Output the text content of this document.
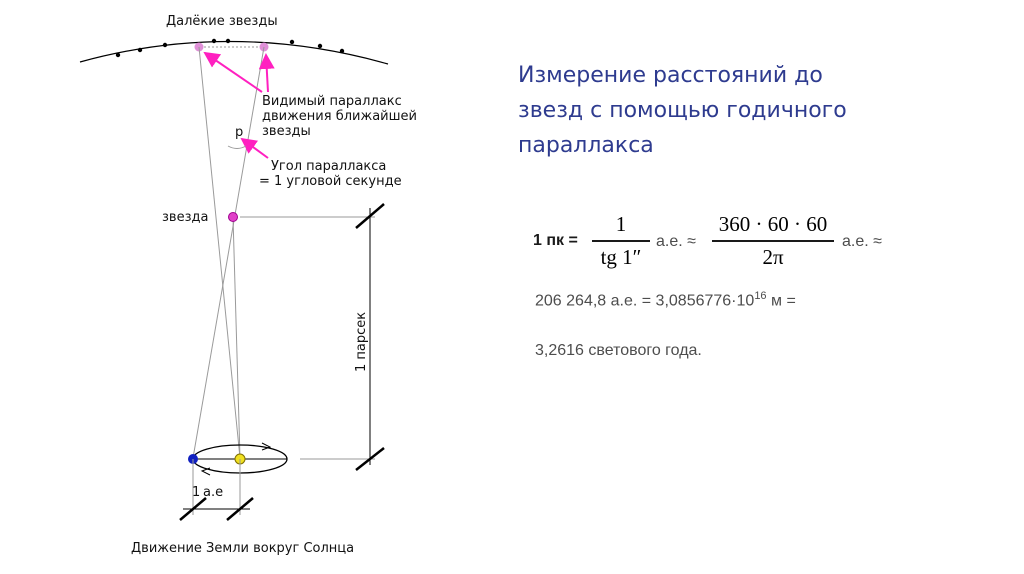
p
Далёкие звезды
Видимый параллакс
движения ближайшей
звезды
Угол параллакса
= 1 угловой секунде
звезда
1 парсек
1 а.е
Движение Земли вокруг Солнца
Измерение расстояний до
звезд с помощью годичного
параллакса
1 пк =
1
tg 1″
а.е. ≈
360 · 60 · 60
2π
а.е. ≈
206 264,8 а.е. = $3,0856776\cdot 10^{16}$ м =
3,2616 светового года.
